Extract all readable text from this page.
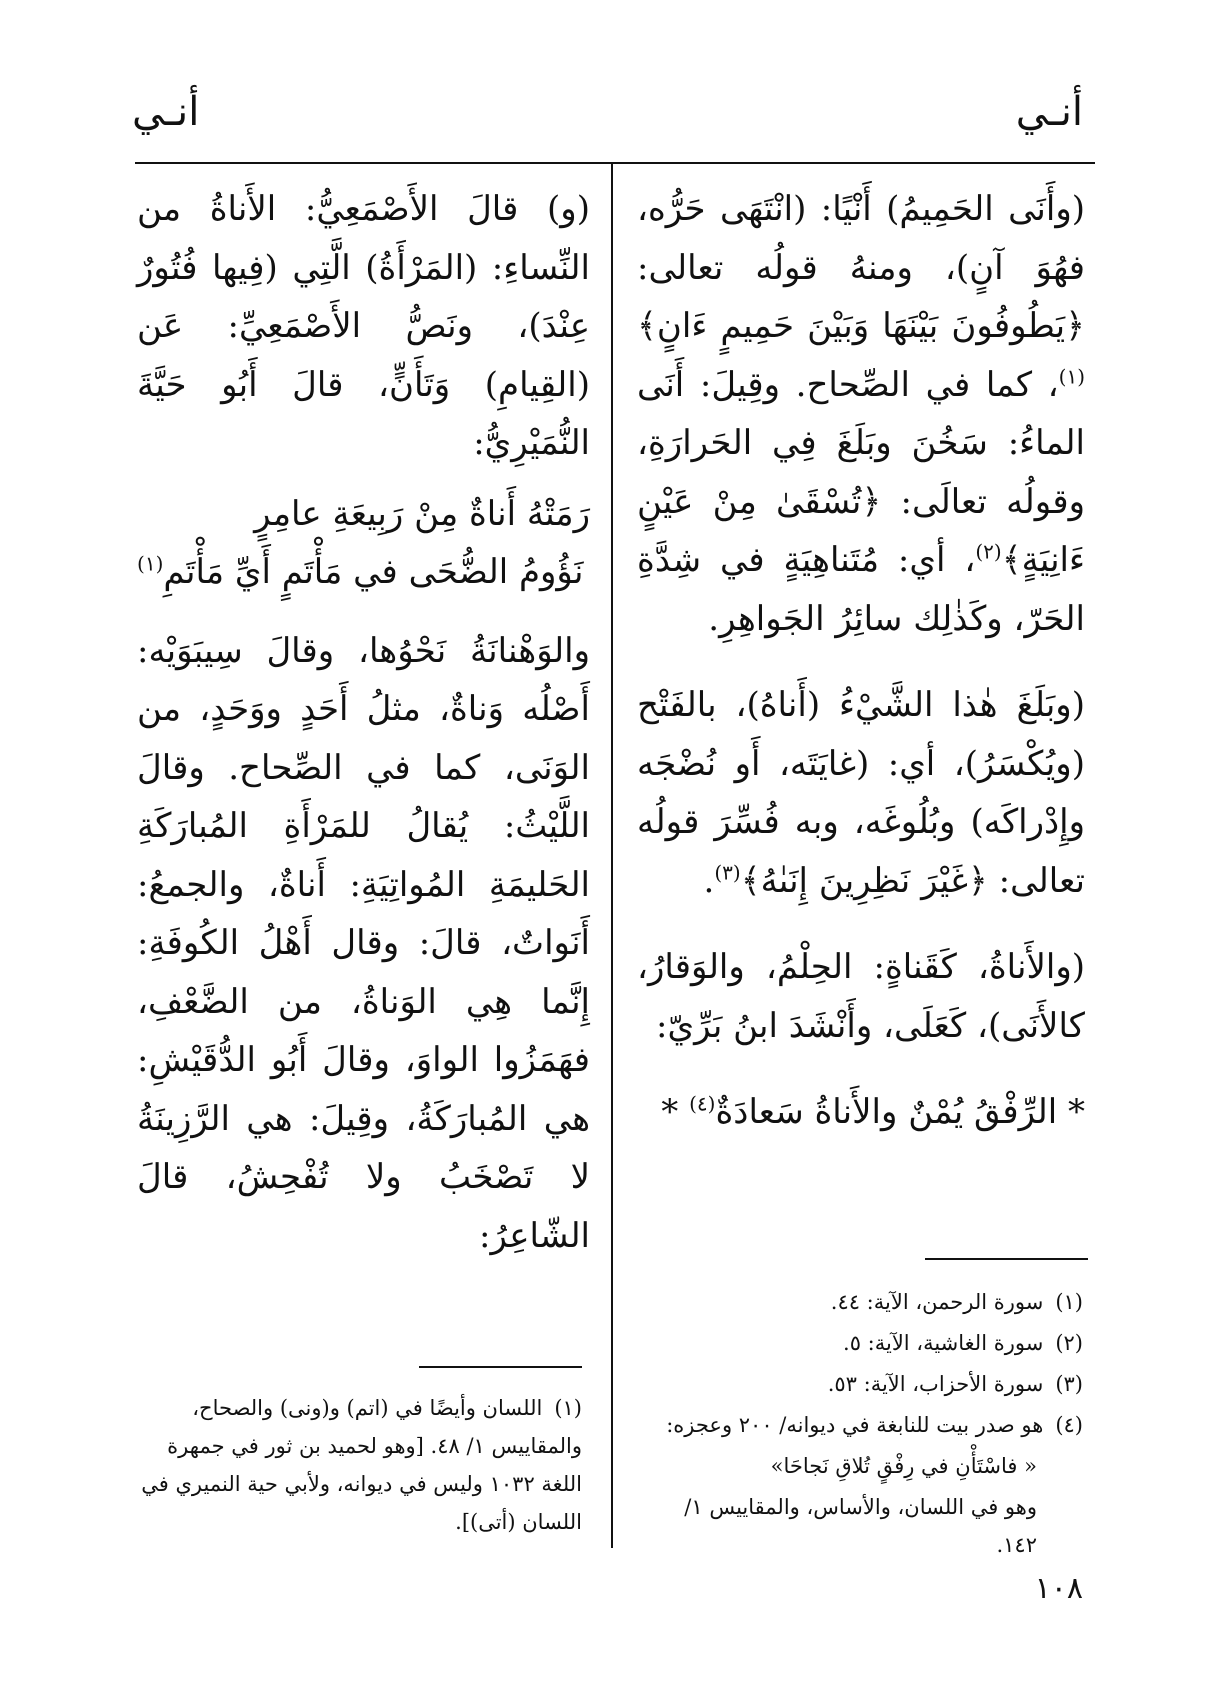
أنـي
أنـي

(وأَنَى الحَمِيمُ) أَنْيًا: (انْتَهَى حَرُّه، فهُوَ آنٍ)، ومنهُ قولُه تعالى: ﴿يَطُوفُونَ بَيْنَهَا وَبَيْنَ حَمِيمٍ ءَانٍ﴾$^{(١)}$، كما في الصِّحاح. وقِيلَ: أَنَى الماءُ: سَخُنَ وبَلَغَ فِي الحَرارَةِ، وقولُه تعالَى: ﴿تُسْقَىٰ مِنْ عَيْنٍ ءَانِيَةٍ﴾$^{(٢)}$، أي: مُتَناهِيَةٍ في شِدَّةِ الحَرّ، وكَذٰلِك سائِرُ الجَواهِرِ.

(وبَلَغَ هٰذا الشَّيْءُ (أَناهُ)، بالفَتْح (ويُكْسَرُ)، أي: (غايَتَه، أَو نُضْجَه وإِدْراكَه) وبُلُوغَه، وبه فُسِّرَ قولُه تعالى: ﴿غَيْرَ نَظِرِينَ إِنَىٰهُ﴾$^{(٣)}$.

(والأَناةُ، كَقَناةٍ: الحِلْمُ، والوَقارُ، كالأَنَى)، كَعَلَى، وأَنْشَدَ ابنُ بَرِّيّ:

* الرِّفْقُ يُمْنٌ والأَناةُ سَعادَةٌ$^{(٤)}$ *

(و) قالَ الأَصْمَعِيُّ: الأَناةُ من النِّساءِ: (المَرْأَةُ) الَّتِي (فِيها فُتُورٌ عِنْدَ)، ونَصُّ الأَصْمَعِيِّ: عَن (القِيامِ) وَتَأَنٍّ، قالَ أَبُو حَيَّةَ النُّمَيْرِيُّ:

رَمَتْهُ أَناةٌ مِنْ رَبِيعَةِ عامِرٍ
نَؤُومُ الضُّحَى في مَأْتَمٍ أَيِّ مَأْتَمِ$^{(١)}$

والوَهْنانَةُ نَحْوُها، وقالَ سِيبَوَيْه: أَصْلُه وَناةٌ، مثلُ أَحَدٍ ووَحَدٍ، من الوَنَى، كما في الصِّحاح. وقالَ اللَّيْثُ: يُقالُ للمَرْأَةِ المُبارَكَةِ الحَليمَةِ المُواتِيَةِ: أَناةٌ، والجمعُ: أَنَواتٌ، قالَ: وقال أَهْلُ الكُوفَةِ: إِنَّما هِي الوَناةُ، من الضَّعْفِ، فهَمَزُوا الواوَ، وقالَ أَبُو الدُّقَيْشِ: هي المُبارَكَةُ، وقِيلَ: هي الرَّزِينَةُ لا تَصْخَبُ ولا تُفْحِشُ، قالَ الشّاعِرُ:

(١)سورة الرحمن، الآية: ٤٤.

(٢)سورة الغاشية، الآية: ٥.

(٣)سورة الأحزاب، الآية: ٥٣.

(٤)هو صدر بيت للنابغة في ديوانه/ ٢٠٠ وعجزه:

« فاسْتَأْنِ في رِفْقٍ تُلاقِ نَجاحَا»

وهو في اللسان، والأساس، والمقاييس ١/ ١٤٢.

(١)اللسان وأيضًا في (اتم) و(ونى) والصحاح، والمقاييس ١/ ٤٨. [وهو لحميد بن ثور في جمهرة اللغة ١٠٣٢ وليس في ديوانه، ولأبي حية النميري في اللسان (أتى)].

١٠٨
